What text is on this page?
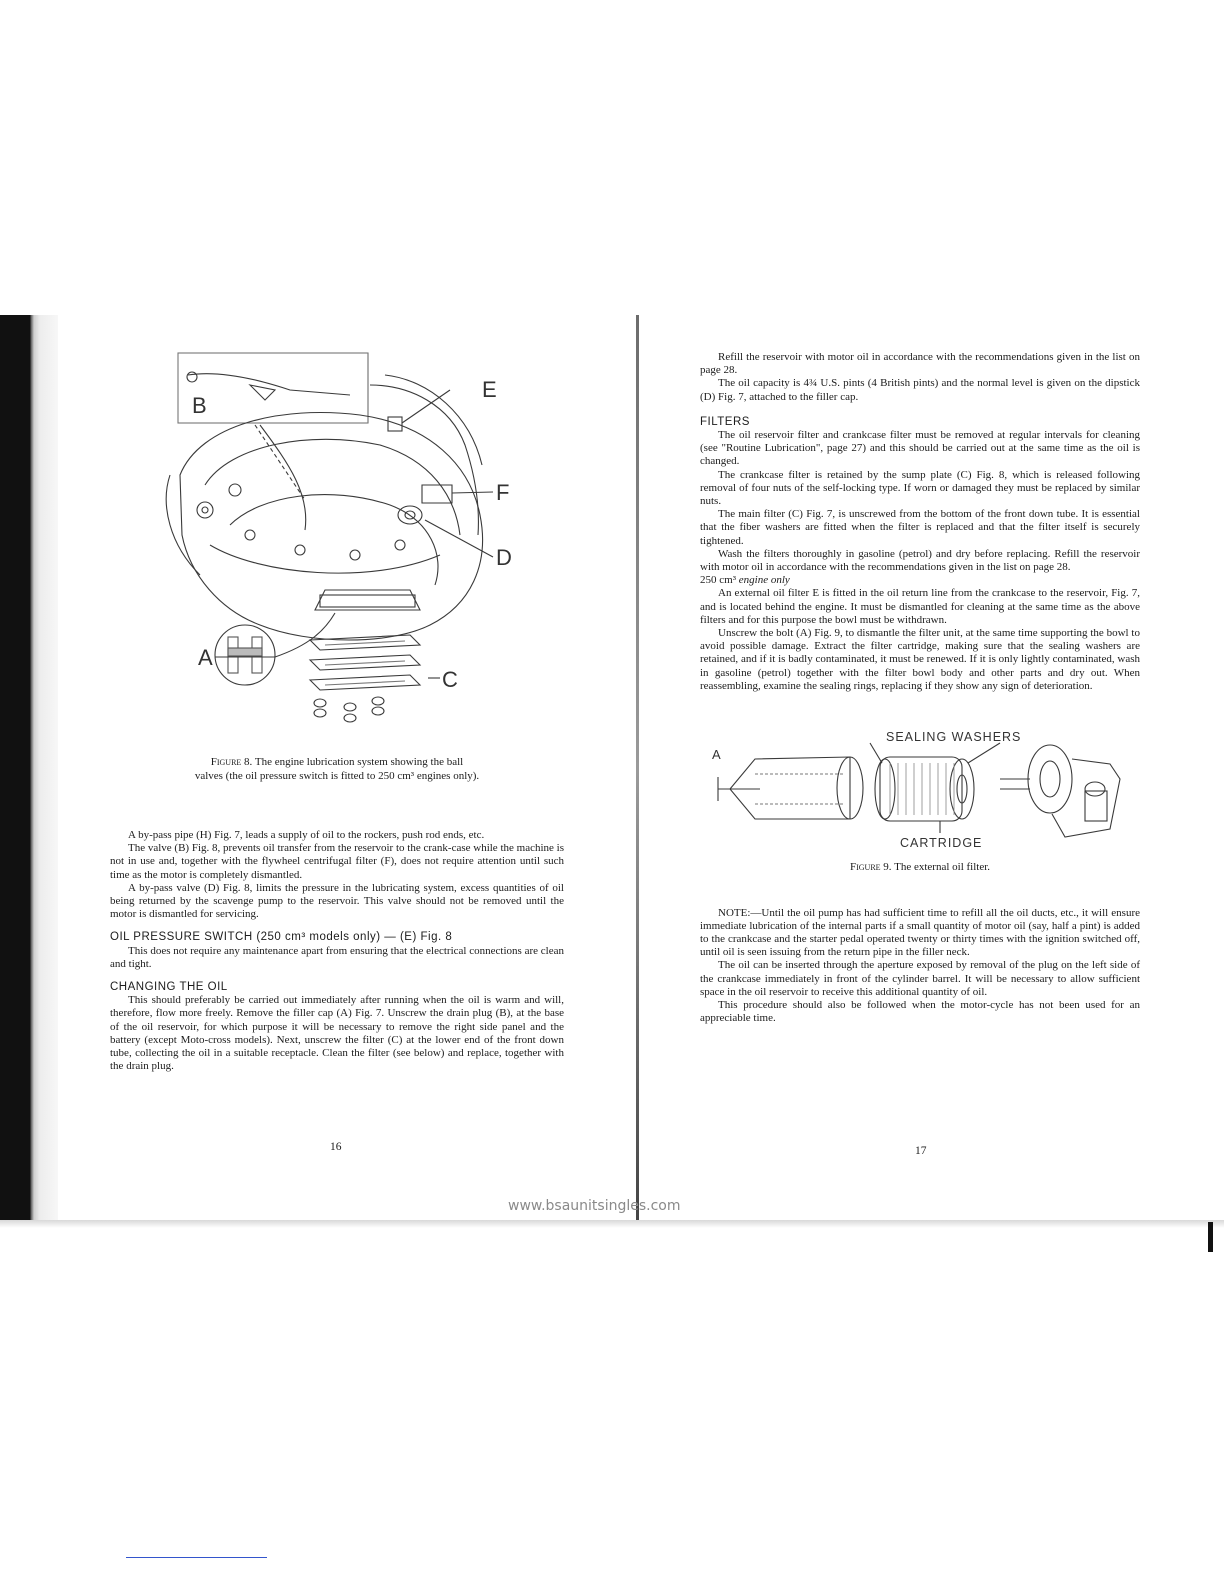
B
E
F
D
A
C
Figure 8. The engine lubrication system showing the ball
valves (the oil pressure switch is fitted to 250 cm³ engines only).

A by-pass pipe (H) Fig. 7, leads a supply of oil to the rockers, push rod ends, etc.

The valve (B) Fig. 8, prevents oil transfer from the reservoir to the crank-case while the machine is not in use and, together with the flywheel centrifugal filter (F), does not require attention until such time as the motor is completely dismantled.

A by-pass valve (D) Fig. 8, limits the pressure in the lubricating system, excess quantities of oil being returned by the scavenge pump to the reservoir. This valve should not be removed until the motor is dismantled for servicing.

OIL PRESSURE SWITCH (250 cm³ models only) — (E) Fig. 8

This does not require any maintenance apart from ensuring that the electrical connections are clean and tight.

CHANGING THE OIL

This should preferably be carried out immediately after running when the oil is warm and will, therefore, flow more freely. Remove the filler cap (A) Fig. 7. Unscrew the drain plug (B), at the base of the oil reservoir, for which purpose it will be necessary to remove the right side panel and the battery (except Moto-cross models). Next, unscrew the filter (C) at the lower end of the front down tube, collecting the oil in a suitable receptacle. Clean the filter (see below) and replace, together with the drain plug.

16

Refill the reservoir with motor oil in accordance with the recommendations given in the list on page 28.

The oil capacity is 4¾ U.S. pints (4 British pints) and the normal level is given on the dipstick (D) Fig. 7, attached to the filler cap.

FILTERS

The oil reservoir filter and crankcase filter must be removed at regular intervals for cleaning (see "Routine Lubrication", page 27) and this should be carried out at the same time as the oil is changed.

The crankcase filter is retained by the sump plate (C) Fig. 8, which is released following removal of four nuts of the self-locking type. If worn or damaged they must be replaced by similar nuts.

The main filter (C) Fig. 7, is unscrewed from the bottom of the front down tube. It is essential that the fiber washers are fitted when the filter is replaced and that the filter itself is securely tightened.

Wash the filters thoroughly in gasoline (petrol) and dry before replacing. Refill the reservoir with motor oil in accordance with the recommendations given in the list on page 28.

250 cm³ engine only

An external oil filter E is fitted in the oil return line from the crankcase to the reservoir, Fig. 7, and is located behind the engine. It must be dismantled for cleaning at the same time as the above filters and for this purpose the bowl must be withdrawn.

Unscrew the bolt (A) Fig. 9, to dismantle the filter unit, at the same time supporting the bowl to avoid possible damage. Extract the filter cartridge, making sure that the sealing washers are retained, and if it is badly contaminated, it must be renewed. If it is only lightly contaminated, wash in gasoline (petrol) together with the filter bowl body and other parts and dry out. When reassembling, examine the sealing rings, replacing if they show any sign of deterioration.

SEALING WASHERS
A
CARTRIDGE
Figure 9. The external oil filter.

NOTE:—Until the oil pump has had sufficient time to refill all the oil ducts, etc., it will ensure immediate lubrication of the internal parts if a small quantity of motor oil (say, half a pint) is added to the crankcase and the starter pedal operated twenty or thirty times with the ignition switched off, until oil is seen issuing from the return pipe in the filler neck.

The oil can be inserted through the aperture exposed by removal of the plug on the left side of the crankcase immediately in front of the cylinder barrel. It will be necessary to allow sufficient space in the oil reservoir to receive this additional quantity of oil.

This procedure should also be followed when the motor-cycle has not been used for an appreciable time.

17
www.bsaunitsingles.com
